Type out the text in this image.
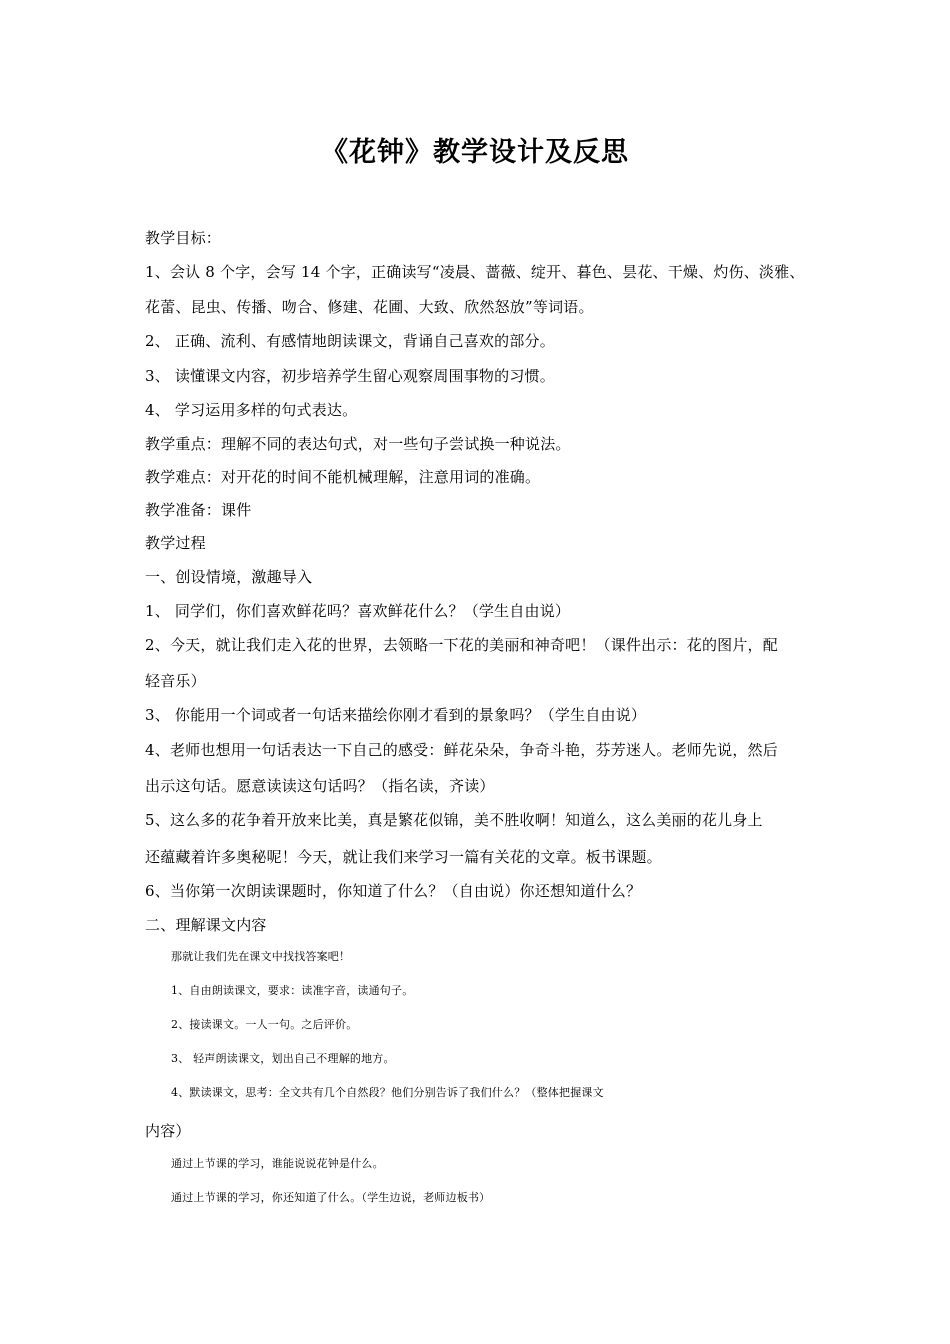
《花钟》教学设计及反思
教学目标：
1、会认 8 个字，会写 14 个字，正确读写“凌晨、蔷薇、绽开、暮色、昙花、干燥、灼伤、淡雅、
花蕾、昆虫、传播、吻合、修建、花圃、大致、欣然怒放”等词语。
2、 正确、流利、有感情地朗读课文，背诵自己喜欢的部分。
3、 读懂课文内容，初步培养学生留心观察周围事物的习惯。
4、 学习运用多样的句式表达。
教学重点：理解不同的表达句式，对一些句子尝试换一种说法。
教学难点：对开花的时间不能机械理解，注意用词的准确。
教学准备：课件
教学过程
一、创设情境，激趣导入
1、 同学们，你们喜欢鲜花吗？喜欢鲜花什么？（学生自由说）
2、今天，就让我们走入花的世界，去领略一下花的美丽和神奇吧！（课件出示：花的图片，配
轻音乐）
3、 你能用一个词或者一句话来描绘你刚才看到的景象吗？（学生自由说）
4、老师也想用一句话表达一下自己的感受：鲜花朵朵，争奇斗艳，芬芳迷人。老师先说，然后
出示这句话。愿意读读这句话吗？（指名读，齐读）
5、这么多的花争着开放来比美，真是繁花似锦，美不胜收啊！知道么，这么美丽的花儿身上
还蕴藏着许多奥秘呢！今天，就让我们来学习一篇有关花的文章。板书课题。
6、当你第一次朗读课题时，你知道了什么？（自由说）你还想知道什么？
二、理解课文内容
那就让我们先在课文中找找答案吧！
1、自由朗读课文，要求：读准字音，读通句子。
2、接读课文。一人一句。之后评价。
3、 轻声朗读课文，划出自己不理解的地方。
4、默读课文，思考：全文共有几个自然段？他们分别告诉了我们什么？（整体把握课文
内容）
通过上节课的学习，谁能说说花钟是什么。
通过上节课的学习，你还知道了什么。（学生边说，老师边板书）
